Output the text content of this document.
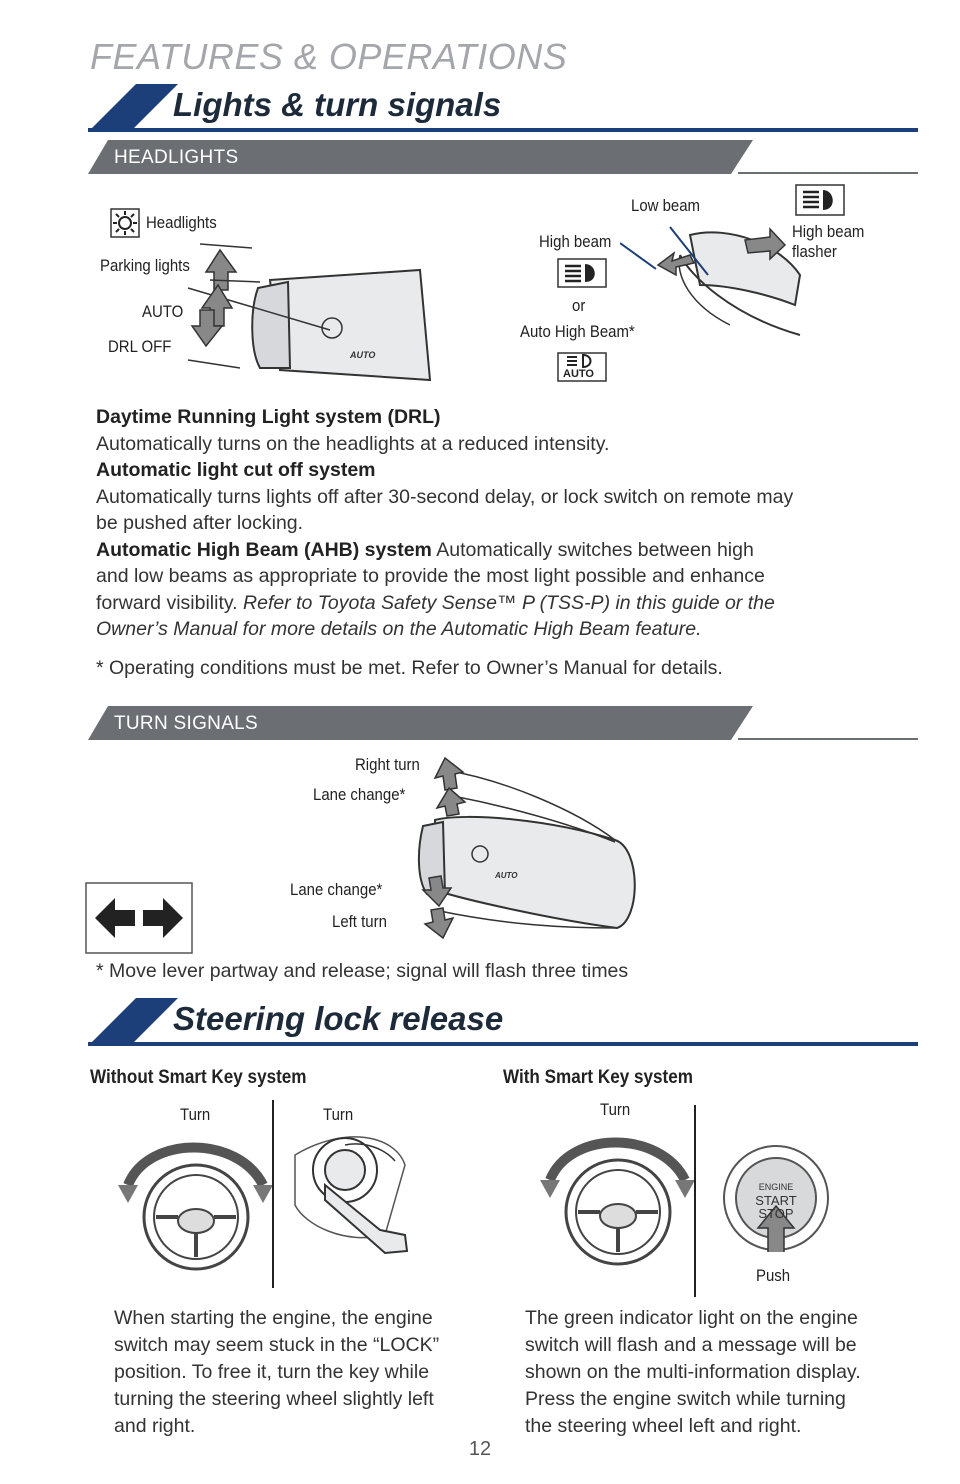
FEATURES & OPERATIONS
Lights & turn signals
HEADLIGHTS
AUTO
Headlights
Parking lights
AUTO
DRL OFF
Low beam
High beam
or
Auto High Beam*
AUTO
High beam
flasher
Daytime Running Light system (DRL)
Automatically turns on the headlights at a reduced intensity.
Automatic light cut off system
Automatically turns lights off after 30-second delay, or lock switch on remote may
be pushed after locking.
Automatic High Beam (AHB) system Automatically switches between high
and low beams as appropriate to provide the most light possible and enhance
forward visibility. Refer to Toyota Safety Sense™ P (TSS-P) in this guide or the
Owner’s Manual for more details on the Automatic High Beam feature.
* Operating conditions must be met. Refer to Owner’s Manual for details.
TURN SIGNALS
AUTO
Right turn
Lane change*
Lane change*
Left turn
* Move lever partway and release; signal will flash three times
Steering lock release
Without Smart Key system
Turn	Turn
When starting the engine, the engine
switch may seem stuck in the “LOCK”
position. To free it, turn the key while
turning the steering wheel slightly left
and right.
With Smart Key system
Turn
ENGINE
START
STOP
Push
The green indicator light on the engine
switch will flash and a message will be
shown on the multi-information display.
Press the engine switch while turning
the steering wheel left and right.
12
